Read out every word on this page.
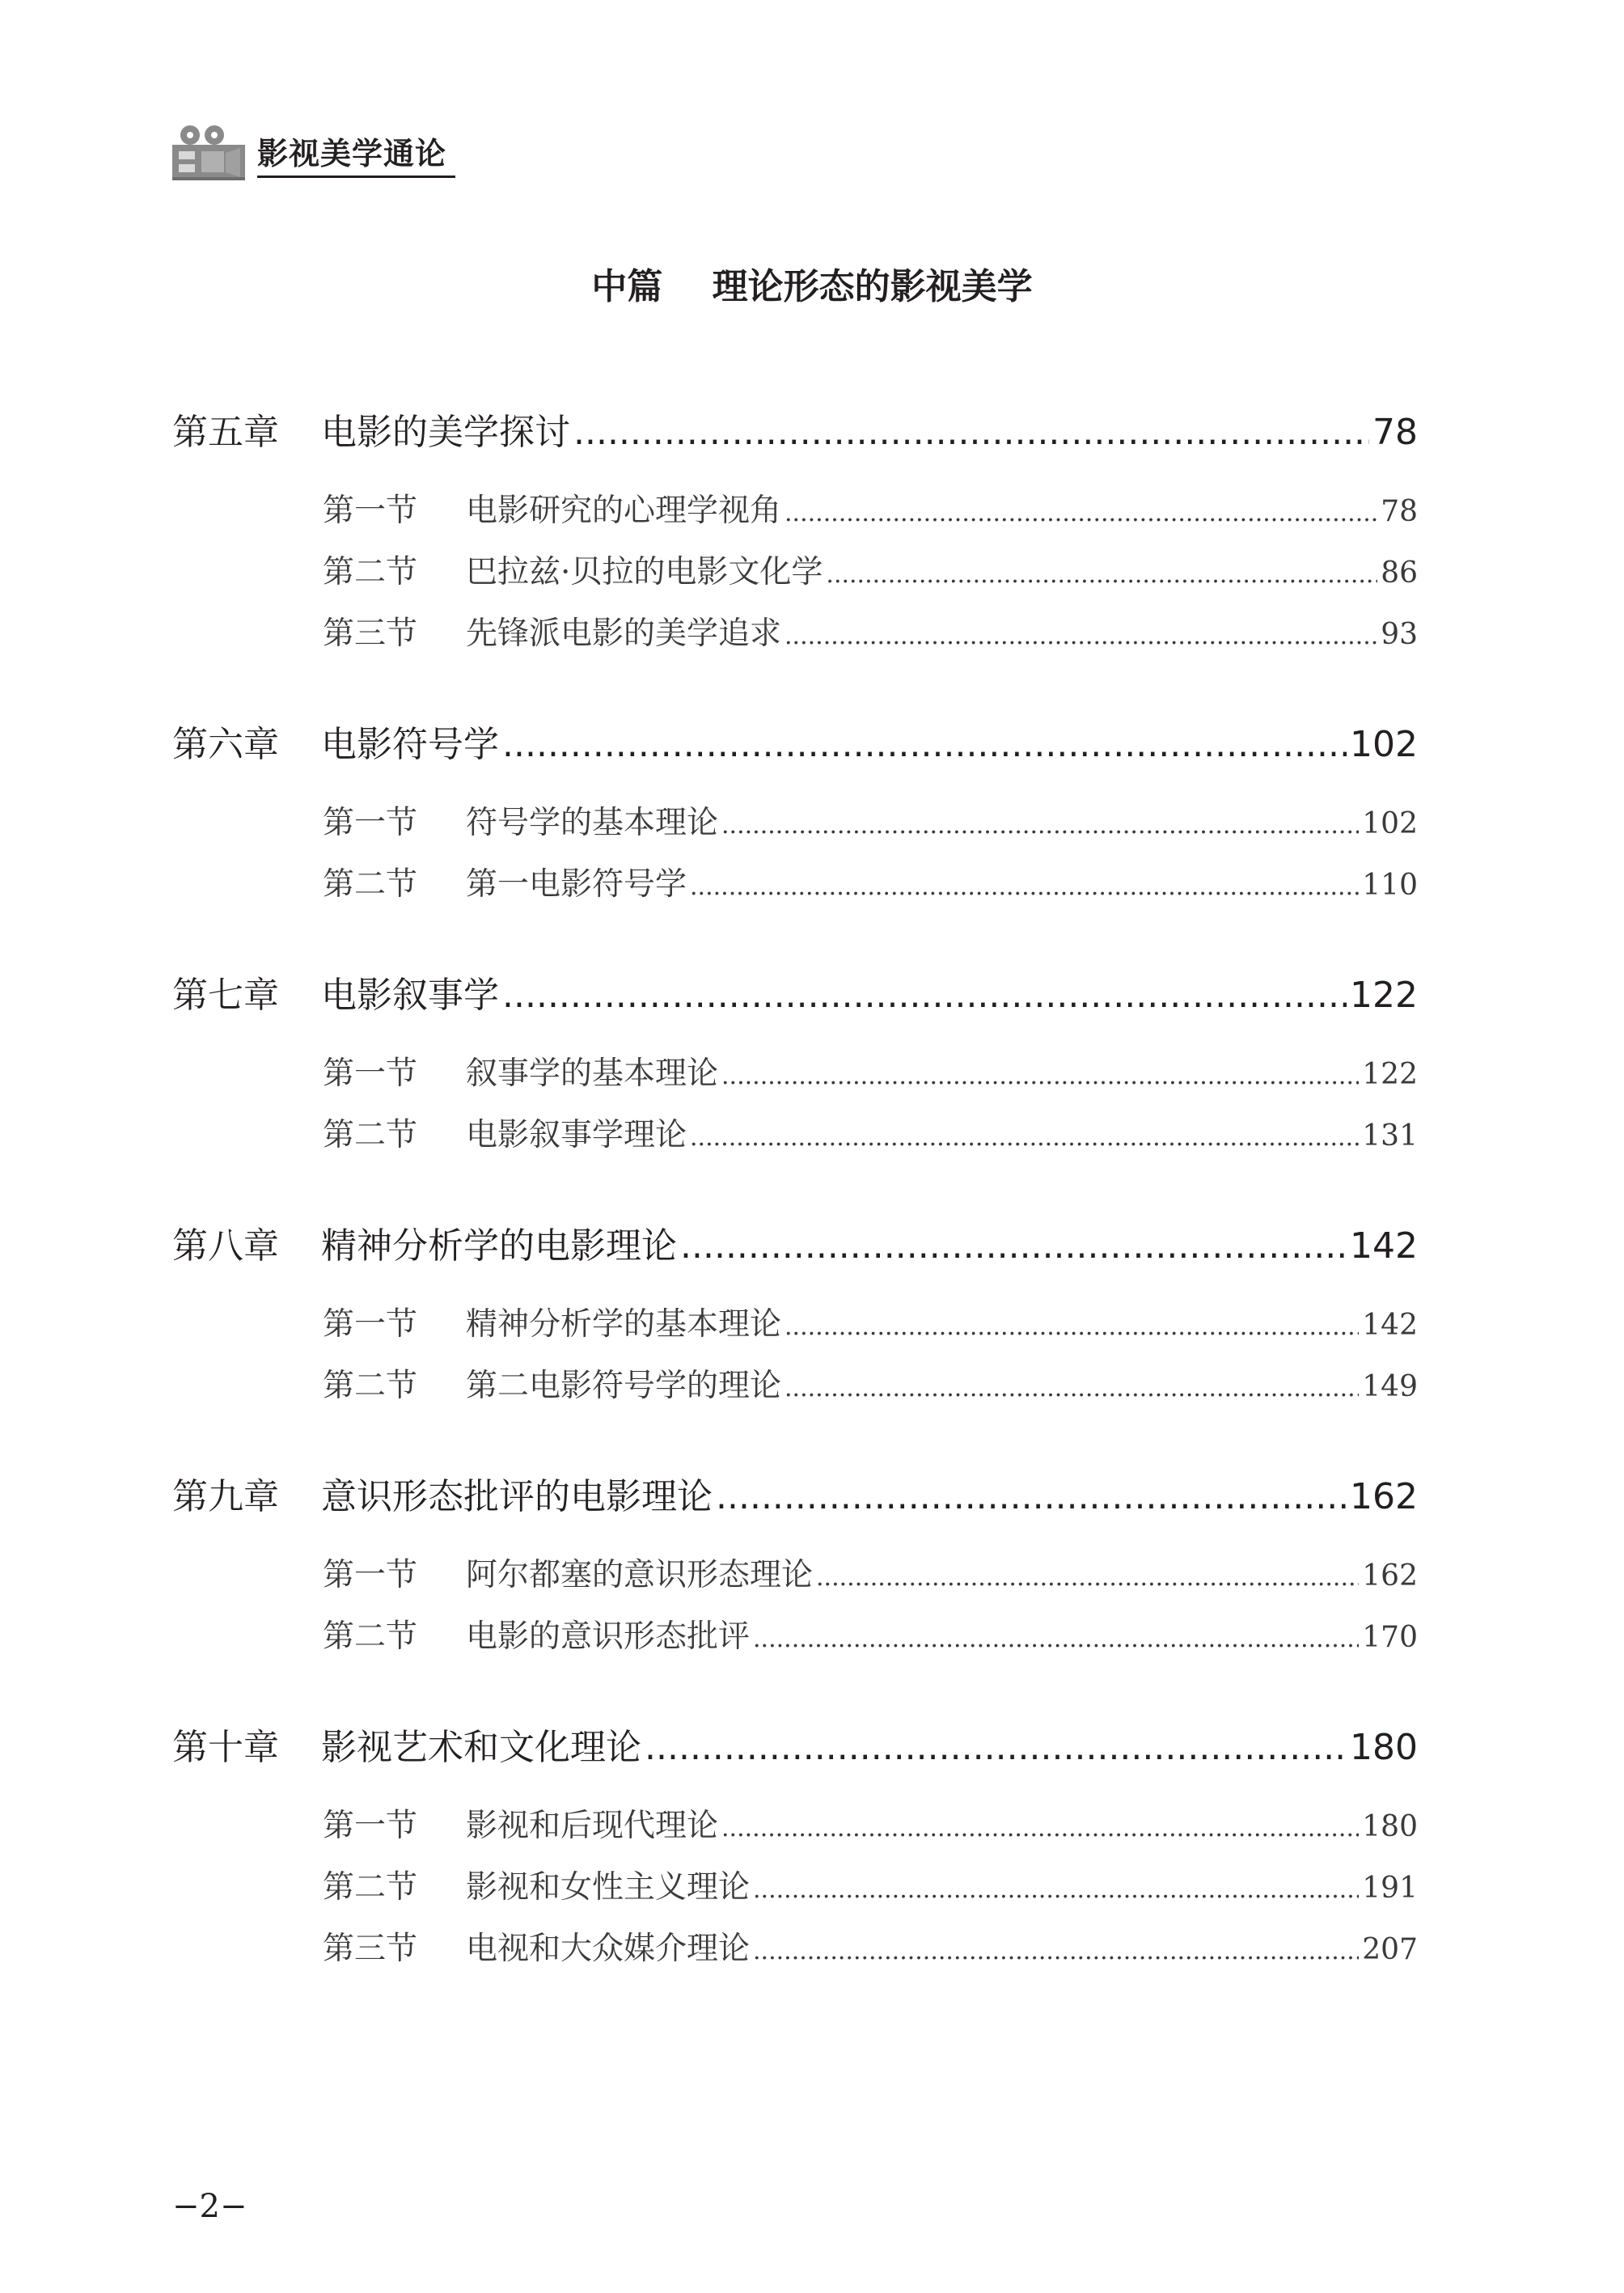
影视美学通论
中篇    理论形态的影视美学
第五章	电影的美学探讨 .....	78
第一节	电影研究的心理学视角 .....	78
第二节	巴拉兹·贝拉的电影文化学 .....	86
第三节	先锋派电影的美学追求 .....	93
第六章	电影符号学 .....	102
第一节	符号学的基本理论 .....	102
第二节	第一电影符号学 .....	110
第七章	电影叙事学 .....	122
第一节	叙事学的基本理论 .....	122
第二节	电影叙事学理论 .....	131
第八章	精神分析学的电影理论 .....	142
第一节	精神分析学的基本理论 .....	142
第二节	第二电影符号学的理论 .....	149
第九章	意识形态批评的电影理论 .....	162
第一节	阿尔都塞的意识形态理论 .....	162
第二节	电影的意识形态批评 .....	170
第十章	影视艺术和文化理论 .....	180
第一节	影视和后现代理论 .....	180
第二节	影视和女性主义理论 .....	191
第三节	电视和大众媒介理论 .....	207
−2−
